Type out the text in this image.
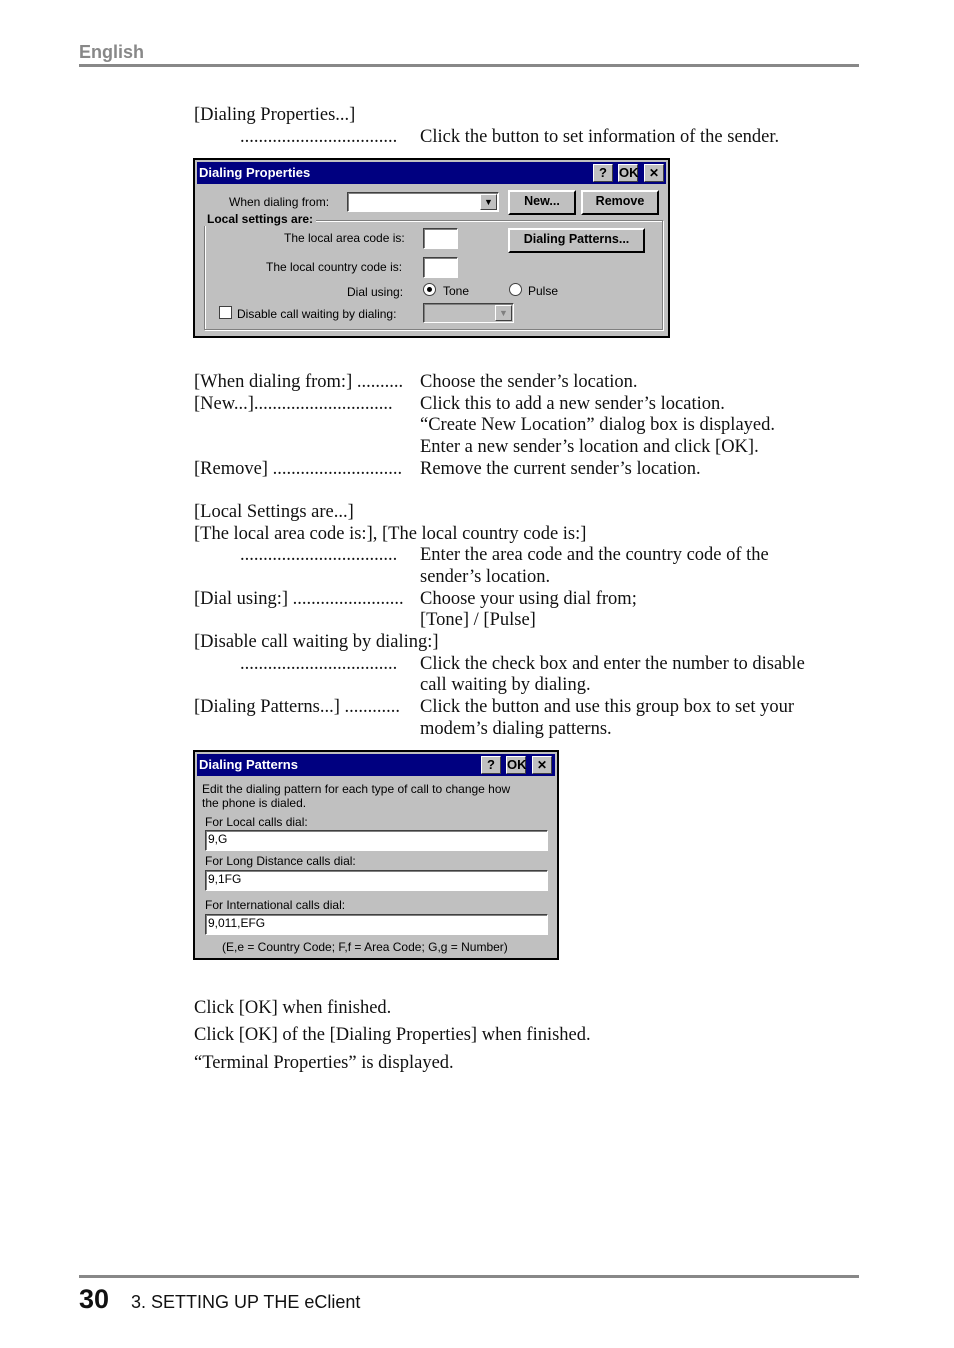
English
[Dialing Properties...]
.................................. Click the button to set information of the sender.
Dialing Properties	? OK ✕
When dialing from:	▼	New...	Remove
Local settings are:
The local area code is:	Dialing Patterns...
The local country code is:
Dial using:	Tone	Pulse
Disable call waiting by dialing:	▼
[When dialing from:] .......... Choose the sender’s location.
[New...].............................. Click this to add a new sender’s location.
“Create New Location” dialog box is displayed.
Enter a new sender’s location and click [OK].
[Remove] ............................ Remove the current sender’s location.
[Local Settings are...]
[The local area code is:], [The local country code is:]
.................................. Enter the area code and the country code of the
sender’s location.
[Dial using:] ........................ Choose your using dial from;
[Tone] / [Pulse]
[Disable call waiting by dialing:]
.................................. Click the check box and enter the number to disable
call waiting by dialing.
[Dialing Patterns...] ............ Click the button and use this group box to set your
modem’s dialing patterns.
Dialing Patterns	? OK ✕
Edit the dialing pattern for each type of call to change how
the phone is dialed.
For Local calls dial:
9,G
For Long Distance calls dial:
9,1FG
For International calls dial:
9,011,EFG
(E,e = Country Code; F,f = Area Code; G,g = Number)
Click [OK] when finished.
Click [OK] of the [Dialing Properties] when finished.
“Terminal Properties” is displayed.
30 3. SETTING UP THE eClient
